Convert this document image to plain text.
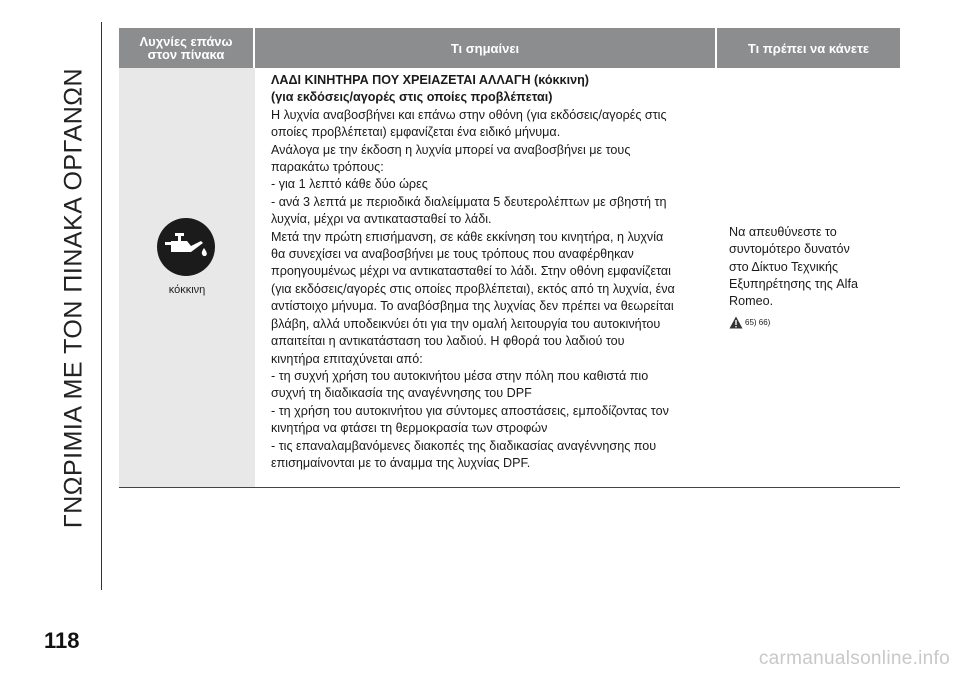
ΓΝΩΡΙΜΙΑ ΜΕ ΤΟΝ ΠΙΝΑΚΑ ΟΡΓΑΝΩΝ
Λυχνίες επάνω
στον πίνακα	Τι σημαίνει	Τι πρέπει να κάνετε
κόκκινη

ΛΑΔΙ ΚΙΝΗΤΗΡΑ ΠΟΥ ΧΡΕΙΑΖΕΤΑΙ ΑΛΛΑΓΗ (κόκκινη)

(για εκδόσεις/αγορές στις οποίες προβλέπεται)

Η λυχνία αναβοσβήνει και επάνω στην οθόνη (για εκδόσεις/αγορές στις

οποίες προβλέπεται) εμφανίζεται ένα ειδικό μήνυμα.

Ανάλογα με την έκδοση η λυχνία μπορεί να αναβοσβήνει με τους

παρακάτω τρόπους:

- για 1 λεπτό κάθε δύο ώρες

- ανά 3 λεπτά με περιοδικά διαλείμματα 5 δευτερολέπτων με σβηστή τη

λυχνία, μέχρι να αντικατασταθεί το λάδι.

Μετά την πρώτη επισήμανση, σε κάθε εκκίνηση του κινητήρα, η λυχνία

θα συνεχίσει να αναβοσβήνει με τους τρόπους που αναφέρθηκαν

προηγουμένως μέχρι να αντικατασταθεί το λάδι. Στην οθόνη εμφανίζεται

(για εκδόσεις/αγορές στις οποίες προβλέπεται), εκτός από τη λυχνία, ένα

αντίστοιχο μήνυμα. Το αναβόσβημα της λυχνίας δεν πρέπει να θεωρείται

βλάβη, αλλά υποδεικνύει ότι για την ομαλή λειτουργία του αυτοκινήτου

απαιτείται η αντικατάσταση του λαδιού. Η φθορά του λαδιού του

κινητήρα επιταχύνεται από:

- τη συχνή χρήση του αυτοκινήτου μέσα στην πόλη που καθιστά πιο

συχνή τη διαδικασία της αναγέννησης του DPF

- τη χρήση του αυτοκινήτου για σύντομες αποστάσεις, εμποδίζοντας τον

κινητήρα να φτάσει τη θερμοκρασία των στροφών

- τις επαναλαμβανόμενες διακοπές της διαδικασίας αναγέννησης που

επισημαίνονται με το άναμμα της λυχνίας DPF.

Να απευθύνεστε το
συντομότερο δυνατόν
στο Δίκτυο Τεχνικής
Εξυπηρέτησης της Alfa
Romeo.
65) 66)
118
carmanualsonline.info
